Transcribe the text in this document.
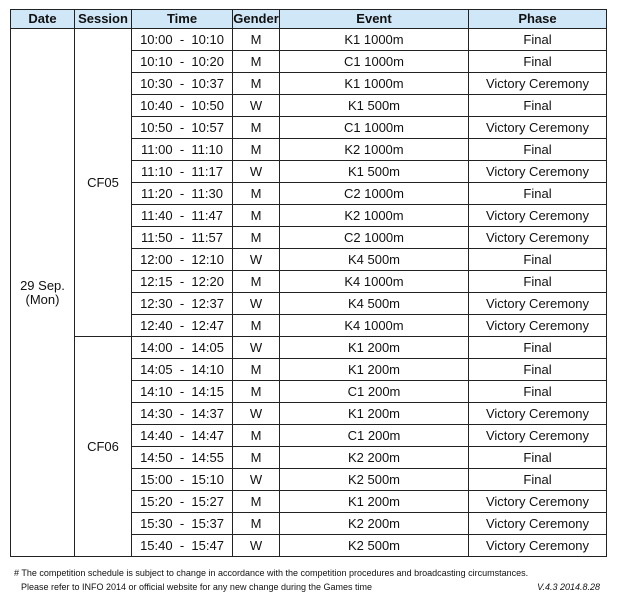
Date	Session	Time	Gender	Event	Phase

29 Sep.
(Mon)	CF05	10:00  -  10:10	M	K1 1000m	Final
		10:10  -  10:20	M	C1 1000m	Final
		10:30  -  10:37	M	K1 1000m	Victory Ceremony
		10:40  -  10:50	W	K1 500m	Final
		10:50  -  10:57	M	C1 1000m	Victory Ceremony
		11:00  -  11:10	M	K2 1000m	Final
		11:10  -  11:17	W	K1 500m	Victory Ceremony
		11:20  -  11:30	M	C2 1000m	Final
		11:40  -  11:47	M	K2 1000m	Victory Ceremony
		11:50  -  11:57	M	C2 1000m	Victory Ceremony
		12:00  -  12:10	W	K4 500m	Final
		12:15  -  12:20	M	K4 1000m	Final
		12:30  -  12:37	W	K4 500m	Victory Ceremony
		12:40  -  12:47	M	K4 1000m	Victory Ceremony
	CF06	14:00  -  14:05	W	K1 200m	Final
		14:05  -  14:10	M	K1 200m	Final
		14:10  -  14:15	M	C1 200m	Final
		14:30  -  14:37	W	K1 200m	Victory Ceremony
		14:40  -  14:47	M	C1 200m	Victory Ceremony
		14:50  -  14:55	M	K2 200m	Final
		15:00  -  15:10	W	K2 500m	Final
		15:20  -  15:27	M	K1 200m	Victory Ceremony
		15:30  -  15:37	M	K2 200m	Victory Ceremony
		15:40  -  15:47	W	K2 500m	Victory Ceremony
# The competition schedule is subject to change in accordance with the competition procedures and broadcasting circumstances.
Please refer to INFO 2014 or official website for any new change during the Games time	V.4.3 2014.8.28
